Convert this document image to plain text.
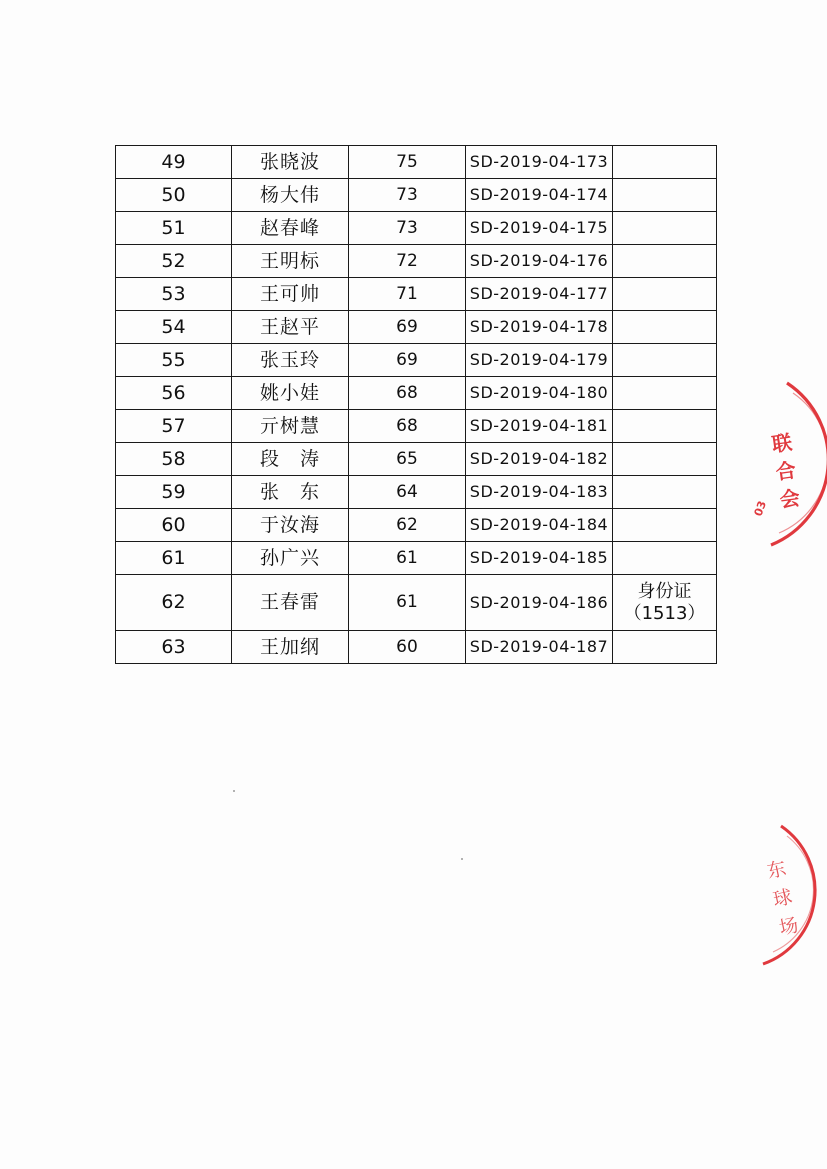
49	张晓波	75	SD-2019-04-173	
50	杨大伟	73	SD-2019-04-174	
51	赵春峰	73	SD-2019-04-175	
52	王明标	72	SD-2019-04-176	
53	王可帅	71	SD-2019-04-177	
54	王赵平	69	SD-2019-04-178	
55	张玉玲	69	SD-2019-04-179	
56	姚小娃	68	SD-2019-04-180	
57	亓树慧	68	SD-2019-04-181	
58	段　涛	65	SD-2019-04-182	
59	张　东	64	SD-2019-04-183	
60	于汝海	62	SD-2019-04-184	
61	孙广兴	61	SD-2019-04-185	
62	王春雷	61	SD-2019-04-186	身份证
（1513）

63	王加纲	60	SD-2019-04-187	
联合会
03
东球场
